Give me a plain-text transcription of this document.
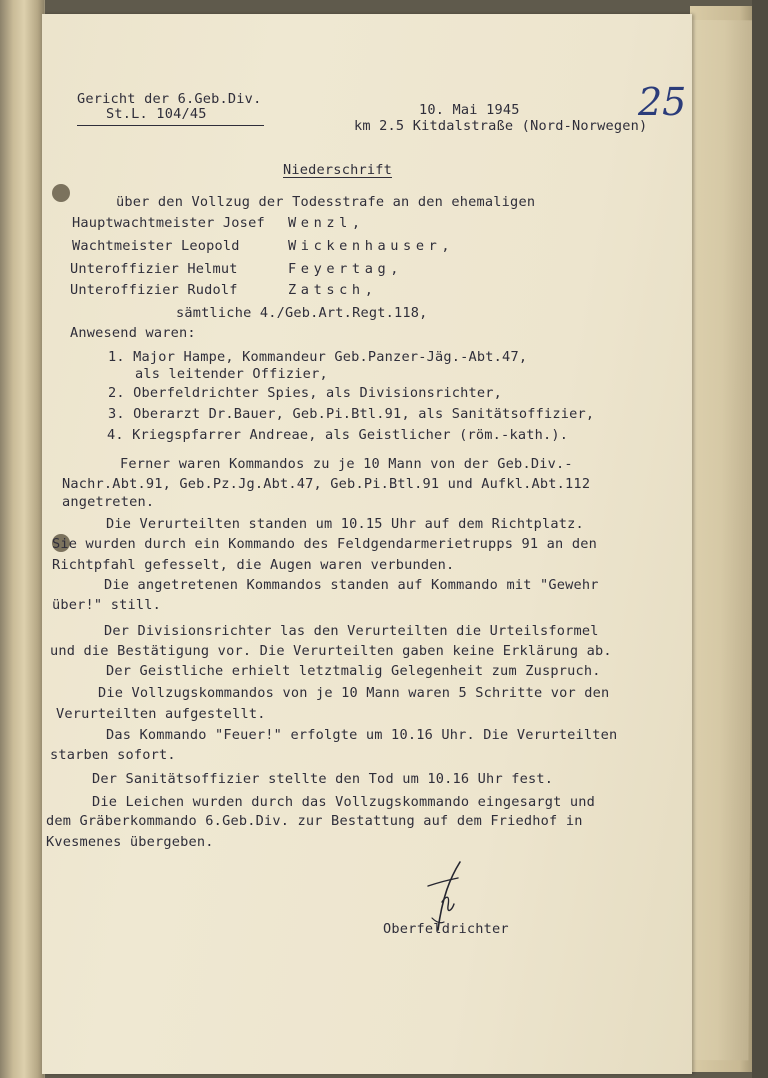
25
Gericht der 6.Geb.Div.
St.L. 104/45	10. Mai 1945
km 2.5 Kitdalstraße (Nord-Norwegen)
Niederschrift
über den Vollzug der Todesstrafe an den ehemaligen
Hauptwachtmeister Josef Wenzl,
Wachtmeister Leopold	Wickenhauser,
Unteroffizier Helmut	Feyertag,
Unteroffizier Rudolf	Zatsch,
sämtliche 4./Geb.Art.Regt.118,
Anwesend waren:
1. Major Hampe, Kommandeur Geb.Panzer-Jäg.-Abt.47,
als leitender Offizier,
2. Oberfeldrichter Spies, als Divisionsrichter,
3. Oberarzt Dr.Bauer, Geb.Pi.Btl.91, als Sanitätsoffizier,
4. Kriegspfarrer Andreae, als Geistlicher (röm.-kath.).
Ferner waren Kommandos zu je 10 Mann von der Geb.Div.-
Nachr.Abt.91, Geb.Pz.Jg.Abt.47, Geb.Pi.Btl.91 und Aufkl.Abt.112
angetreten.
Die Verurteilten standen um 10.15 Uhr auf dem Richtplatz.
Sie wurden durch ein Kommando des Feldgendarmerietrupps 91 an den
Richtpfahl gefesselt, die Augen waren verbunden.
Die angetretenen Kommandos standen auf Kommando mit "Gewehr
über!" still.
Der Divisionsrichter las den Verurteilten die Urteilsformel
und die Bestätigung vor. Die Verurteilten gaben keine Erklärung ab.
Der Geistliche erhielt letztmalig Gelegenheit zum Zuspruch.
Die Vollzugskommandos von je 10 Mann waren 5 Schritte vor den
Verurteilten aufgestellt.
Das Kommando "Feuer!" erfolgte um 10.16 Uhr. Die Verurteilten
starben sofort.
Der Sanitätsoffizier stellte den Tod um 10.16 Uhr fest.
Die Leichen wurden durch das Vollzugskommando eingesargt und
dem Gräberkommando 6.Geb.Div. zur Bestattung auf dem Friedhof in
Kvesmenes übergeben.
Oberfeldrichter
